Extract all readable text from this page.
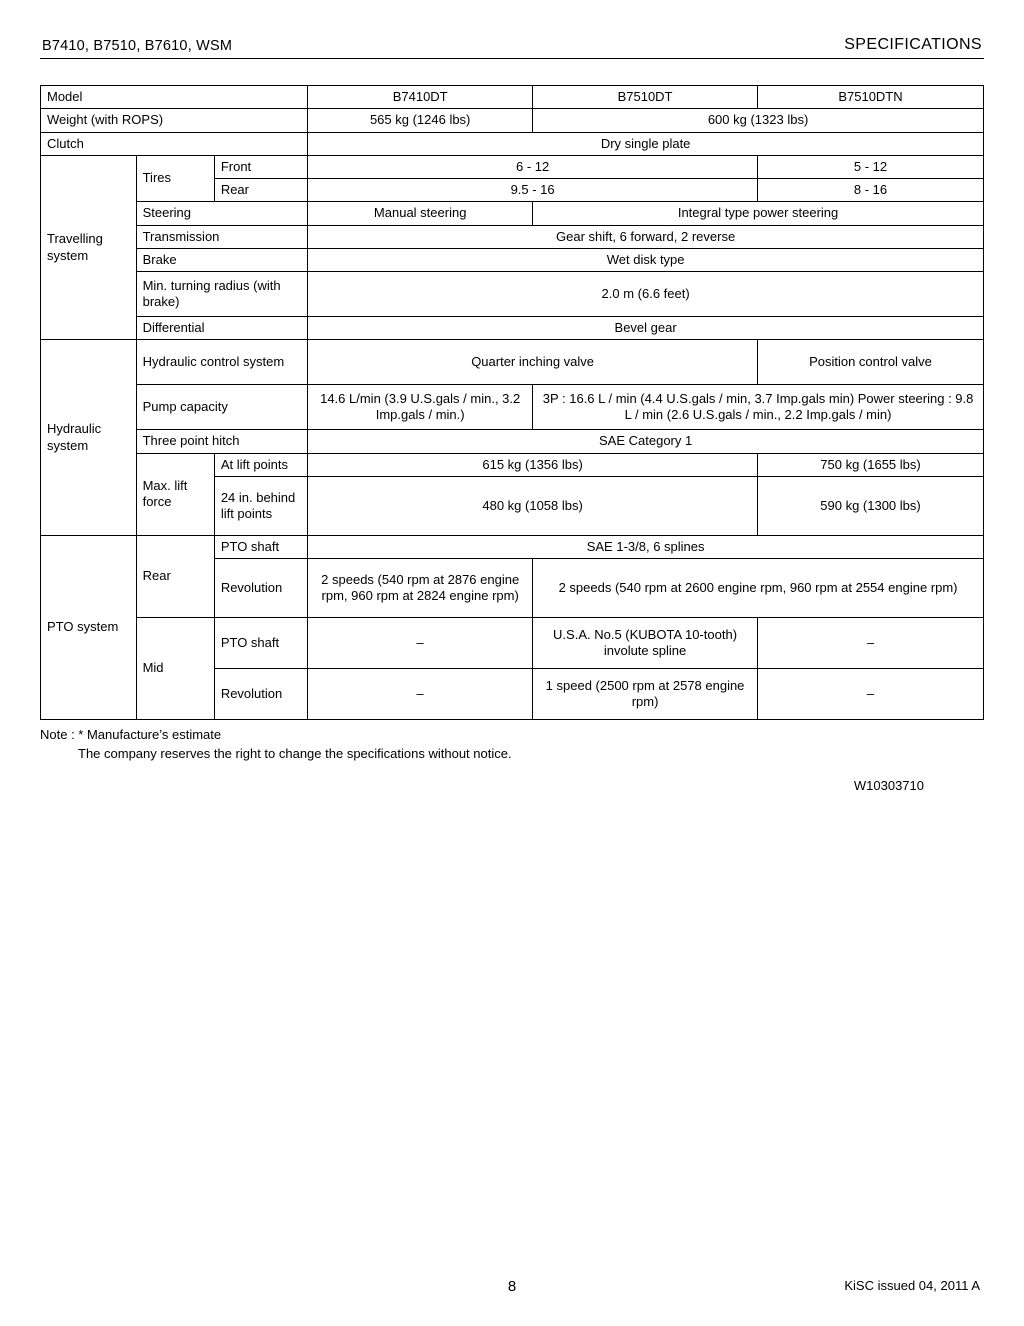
B7410, B7510, B7610, WSM	SPECIFICATIONS
Model			B7410DT	B7510DT	B7510DTN
Weight (with ROPS)			565 kg (1246 lbs)	600 kg (1323 lbs)	
Clutch			Dry single plate		
Travelling system	Tires	Front	6 - 12		5 - 12
		Rear	9.5 - 16		8 - 16
	Steering		Manual steering	Integral type power steering	
	Transmission		Gear shift, 6 forward, 2 reverse		
	Brake		Wet disk type		
	Min. turning radius (with brake)		2.0 m (6.6 feet)		
	Differential		Bevel gear		
Hydraulic system	Hydraulic control system		Quarter inching valve		Position control valve
	Pump capacity		14.6 L/min (3.9 U.S.gals / min., 3.2 Imp.gals / min.)	3P : 16.6 L / min (4.4 U.S.gals / min, 3.7 Imp.gals min) Power steering : 9.8 L / min (2.6 U.S.gals / min., 2.2 Imp.gals / min)	
	Three point hitch		SAE Category 1		
	Max. lift force	At lift points	615 kg (1356 lbs)		750 kg (1655 lbs)
		24 in. behind lift points	480 kg (1058 lbs)		590 kg (1300 lbs)
PTO system	Rear	PTO shaft	SAE 1-3/8, 6 splines		
		Revolution	2 speeds (540 rpm at 2876 engine rpm, 960 rpm at 2824 engine rpm)	2 speeds (540 rpm at 2600 engine rpm, 960 rpm at 2554 engine rpm)	
	Mid	PTO shaft	–	U.S.A. No.5 (KUBOTA 10-tooth) involute spline	–
		Revolution	–	1 speed (2500 rpm at 2578 engine rpm)	–
Note : * Manufacture’s estimate
The company reserves the right to change the specifications without notice.
W10303710
8	KiSC issued 04, 2011 A
